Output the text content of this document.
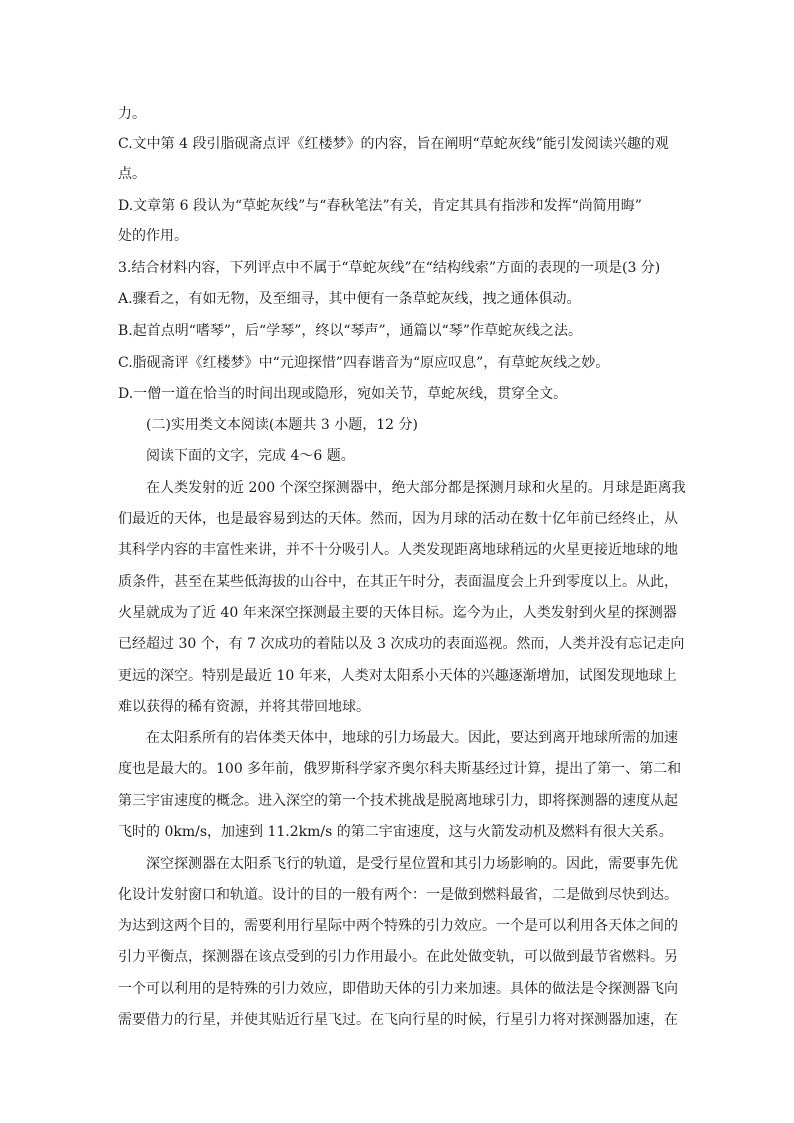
力。

C.文中第 4 段引脂砚斋点评《红楼梦》的内容，旨在阐明“草蛇灰线”能引发阅读兴趣的观

点。

D.文章第 6 段认为“草蛇灰线”与“春秋笔法”有关，肯定其具有指涉和发挥“尚简用晦”

处的作用。

3.结合材料内容，下列评点中不属于“草蛇灰线”在“结构线索”方面的表现的一项是(3 分)

A.骤看之，有如无物，及至细寻，其中便有一条草蛇灰线，拽之通体俱动。

B.起首点明“嗜琴”，后“学琴”，终以“琴声”，通篇以“琴”作草蛇灰线之法。

C.脂砚斋评《红楼梦》中“元迎探惜”四春谐音为“原应叹息”，有草蛇灰线之妙。

D.一僧一道在恰当的时间出现或隐形，宛如关节，草蛇灰线，贯穿全文。

(二)实用类文本阅读(本题共 3 小题，12 分)

阅读下面的文字，完成 4～6 题。

在人类发射的近 200 个深空探测器中，绝大部分都是探测月球和火星的。月球是距离我

们最近的天体，也是最容易到达的天体。然而，因为月球的活动在数十亿年前已经终止，从

其科学内容的丰富性来讲，并不十分吸引人。人类发现距离地球稍远的火星更接近地球的地

质条件，甚至在某些低海拔的山谷中，在其正午时分，表面温度会上升到零度以上。从此，

火星就成为了近 40 年来深空探测最主要的天体目标。迄今为止，人类发射到火星的探测器

已经超过 30 个，有 7 次成功的着陆以及 3 次成功的表面巡视。然而，人类并没有忘记走向

更远的深空。特别是最近 10 年来，人类对太阳系小天体的兴趣逐渐增加，试图发现地球上

难以获得的稀有资源，并将其带回地球。

在太阳系所有的岩体类天体中，地球的引力场最大。因此，要达到离开地球所需的加速

度也是最大的。100 多年前，俄罗斯科学家齐奥尔科夫斯基经过计算，提出了第一、第二和

第三宇宙速度的概念。进入深空的第一个技术挑战是脱离地球引力，即将探测器的速度从起

飞时的 0km/s，加速到 11.2km/s 的第二宇宙速度，这与火箭发动机及燃料有很大关系。

深空探测器在太阳系飞行的轨道，是受行星位置和其引力场影响的。因此，需要事先优

化设计发射窗口和轨道。设计的目的一般有两个：一是做到燃料最省，二是做到尽快到达。

为达到这两个目的，需要利用行星际中两个特殊的引力效应。一个是可以利用各天体之间的

引力平衡点，探测器在该点受到的引力作用最小。在此处做变轨，可以做到最节省燃料。另

一个可以利用的是特殊的引力效应，即借助天体的引力来加速。具体的做法是令探测器飞向

需要借力的行星，并使其贴近行星飞过。在飞向行星的时候，行星引力将对探测器加速，在
